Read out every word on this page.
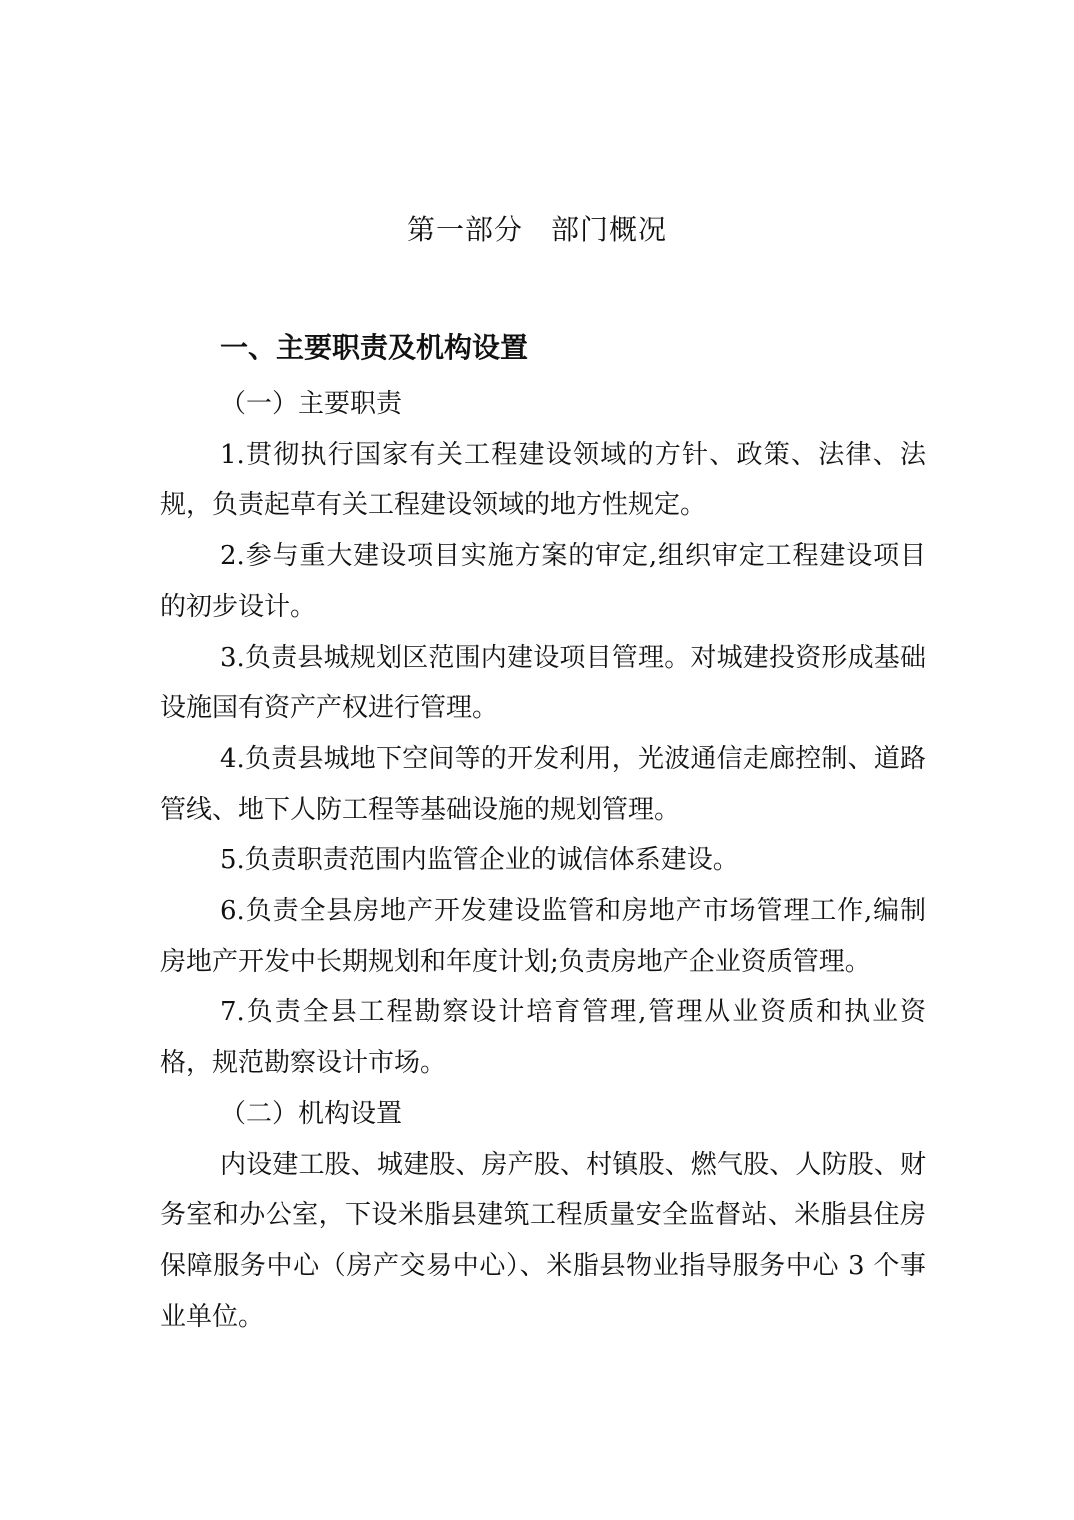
第一部分 部门概况
一、主要职责及机构设置

（一）主要职责

1.贯彻执行国家有关工程建设领域的方针、政策、法律、法规，负责起草有关工程建设领域的地方性规定。

2.参与重大建设项目实施方案的审定,组织审定工程建设项目的初步设计。

3.负责县城规划区范围内建设项目管理。对城建投资形成基础设施国有资产产权进行管理。

4.负责县城地下空间等的开发利用，光波通信走廊控制、道路管线、地下人防工程等基础设施的规划管理。

5.负责职责范围内监管企业的诚信体系建设。

6.负责全县房地产开发建设监管和房地产市场管理工作,编制房地产开发中长期规划和年度计划;负责房地产企业资质管理。

7.负责全县工程勘察设计培育管理,管理从业资质和执业资格，规范勘察设计市场。

（二）机构设置

内设建工股、城建股、房产股、村镇股、燃气股、人防股、财务室和办公室，下设米脂县建筑工程质量安全监督站、米脂县住房保障服务中心（房产交易中心）、米脂县物业指导服务中心 3 个事业单位。
